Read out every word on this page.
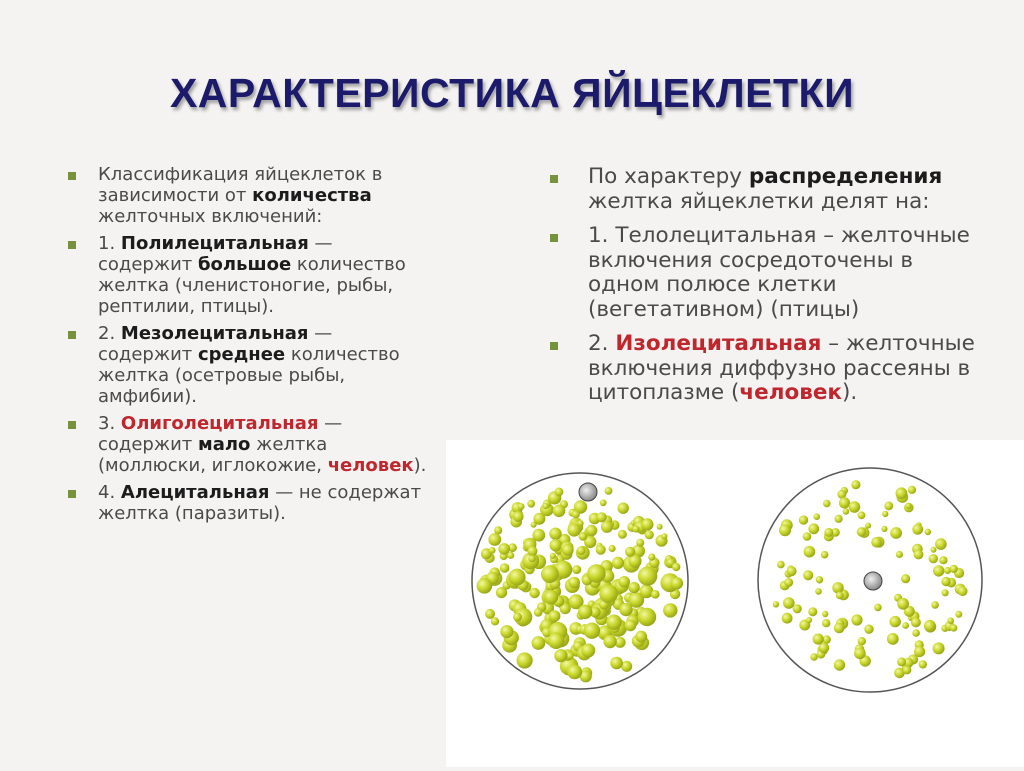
ХАРАКТЕРИСТИКА ЯЙЦЕКЛЕТКИ
Классификация яйцеклеток в зависимости от количества желточных включений:
1. Полилецитальная — содержит большое количество желтка (членистоногие, рыбы, рептилии, птицы).
2. Мезолецитальная — содержит среднее количество желтка (осетровые рыбы, амфибии).
3. Олиголецитальная — содержит мало желтка (моллюски, иглокожие, человек).
4. Алецитальная — не содержат желтка (паразиты).
По характеру распределения желтка яйцеклетки делят на:
1. Телолецитальная – желточные включения сосредоточены в одном полюсе клетки (вегетативном) (птицы)
2. Изолецитальная – желточные включения диффузно рассеяны в цитоплазме (человек).
